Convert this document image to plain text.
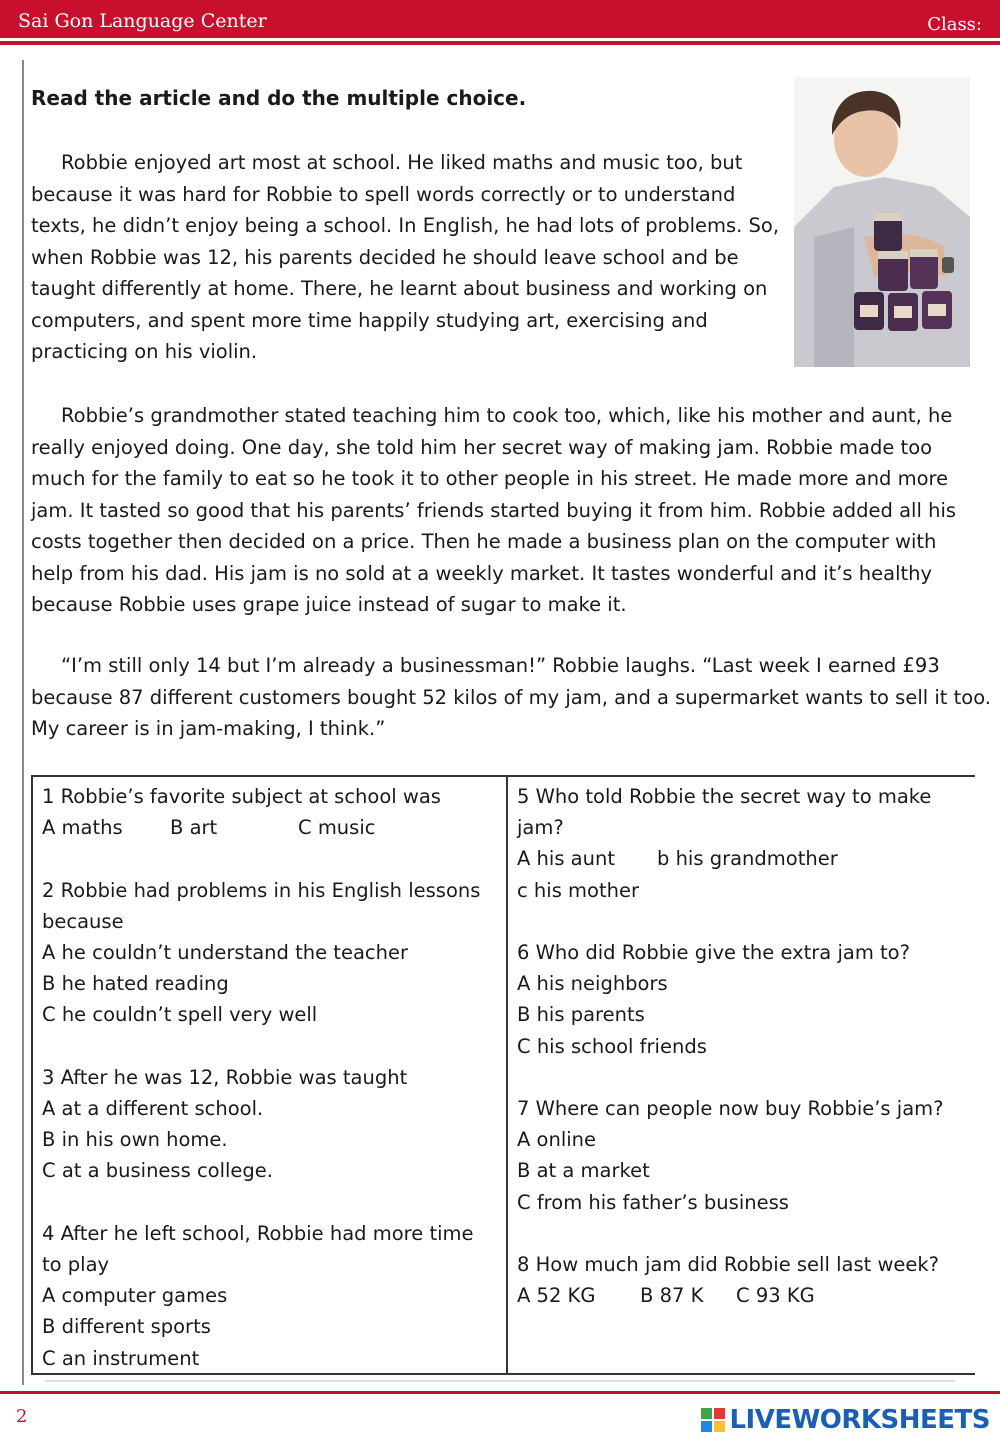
Sai Gon Language Center	Class:
Read the article and do the multiple choice.

Robbie enjoyed art most at school. He liked maths and music too, but because it was hard for Robbie to spell words correctly or to understand texts, he didn’t enjoy being a school. In English, he had lots of problems. So, when Robbie was 12, his parents decided he should leave school and be taught differently at home. There, he learnt about business and working on computers, and spent more time happily studying art, exercising and practicing on his violin.

Robbie’s grandmother stated teaching him to cook too, which, like his mother and aunt, he really enjoyed doing. One day, she told him her secret way of making jam. Robbie made too much for the family to eat so he took it to other people in his street. He made more and more jam. It tasted so good that his parents’ friends started buying it from him. Robbie added all his costs together then decided on a price. Then he made a business plan on the computer with help from his dad. His jam is no sold at a weekly market. It tastes wonderful and it’s healthy because Robbie uses grape juice instead of sugar to make it.

“I’m still only 14 but I’m already a businessman!” Robbie laughs. “Last week I earned £93 because 87 different customers bought 52 kilos of my jam, and a supermarket wants to sell it too. My career is in jam-making, I think.”

1 Robbie’s favorite subject at school was

A maths B art	C music

2 Robbie had problems in his English lessons because

A he couldn’t understand the teacher

B he hated reading

C he couldn’t spell very well

3 After he was 12, Robbie was taught

A at a different school.

B in his own home.

C at a business college.

4 After he left school, Robbie had more time to play

A computer games

B different sports

C an instrument

5 Who told Robbie the secret way to make jam?

A his aunt b his grandmotherc his mother

6 Who did Robbie give the extra jam to?

A his neighbors

B his parents

C his school friends

7 Where can people now buy Robbie’s jam?

A online

B at a market

C from his father’s business

8 How much jam did Robbie sell last week?

A 52 KG B 87 K C 93 KG

2	LIVEWORKSHEETS
